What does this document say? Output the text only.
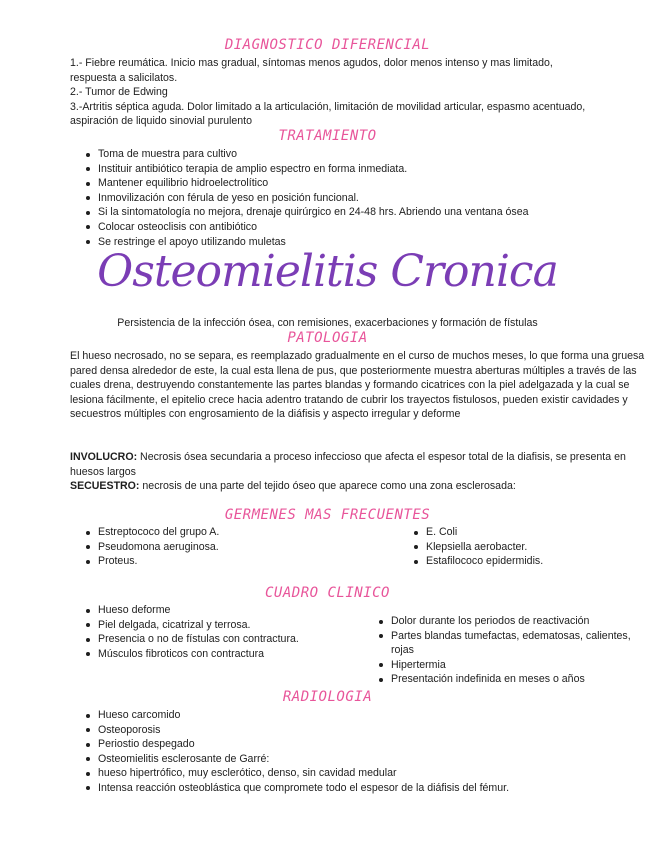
DIAGNOSTICO DIFERENCIAL

1.- Fiebre reumática. Inicio mas gradual, síntomas menos agudos, dolor menos intenso y mas limitado, respuesta a salicilatos.

2.- Tumor de Edwing

3.-Artritis séptica aguda. Dolor limitado a la articulación, limitación de movilidad articular, espasmo acentuado, aspiración de liquido sinovial purulento

TRATAMIENTO
Toma de muestra para cultivo
Instituir antibiótico terapia de amplio espectro en forma inmediata.
Mantener equilibrio hidroelectrolítico
Inmovilización con férula de yeso en posición funcional.
Si la sintomatología no mejora, drenaje quirúrgico en 24-48 hrs. Abriendo una ventana ósea
Colocar osteoclisis con antibiótico
Se restringe el apoyo utilizando muletas
Osteomielitis Cronica

Persistencia de la infección ósea, con remisiones, exacerbaciones y formación de fístulas

PATOLOGIA

El hueso necrosado, no se separa, es reemplazado gradualmente en el curso de muchos meses, lo que forma una gruesa pared densa alrededor de este, la cual esta llena de pus, que posteriormente muestra aberturas múltiples a través de las cuales drena, destruyendo constantemente las partes blandas y formando cicatrices con la piel adelgazada y la cual se lesiona fácilmente, el epitelio crece hacia adentro tratando de cubrir los trayectos fistulosos, pueden existir cavidades y secuestros múltiples con engrosamiento de la diáfisis y aspecto irregular y deforme

INVOLUCRO: Necrosis ósea secundaria a proceso infeccioso que afecta el espesor total de la diafisis, se presenta en huesos largos

SECUESTRO: necrosis de una parte del tejido óseo que aparece como una zona esclerosada:

GERMENES MAS FRECUENTES
Estreptococo del grupo A.
Pseudomona aeruginosa.
Proteus.
E. Coli
Klepsiella aerobacter.
Estafilococo epidermidis.
CUADRO CLINICO
Hueso deforme
Piel delgada, cicatrizal y terrosa.
Presencia o no de fístulas con contractura.
Músculos fibroticos con contractura
Dolor durante los periodos de reactivación
Partes blandas tumefactas, edematosas, calientes, rojas
Hipertermia
Presentación indefinida en meses o años
RADIOLOGIA
Hueso carcomido
Osteoporosis
Periostio despegado
Osteomielitis esclerosante de Garré:
hueso hipertrófico, muy esclerótico, denso, sin cavidad medular
Intensa reacción osteoblástica que compromete todo el espesor de la diáfisis del fémur.
